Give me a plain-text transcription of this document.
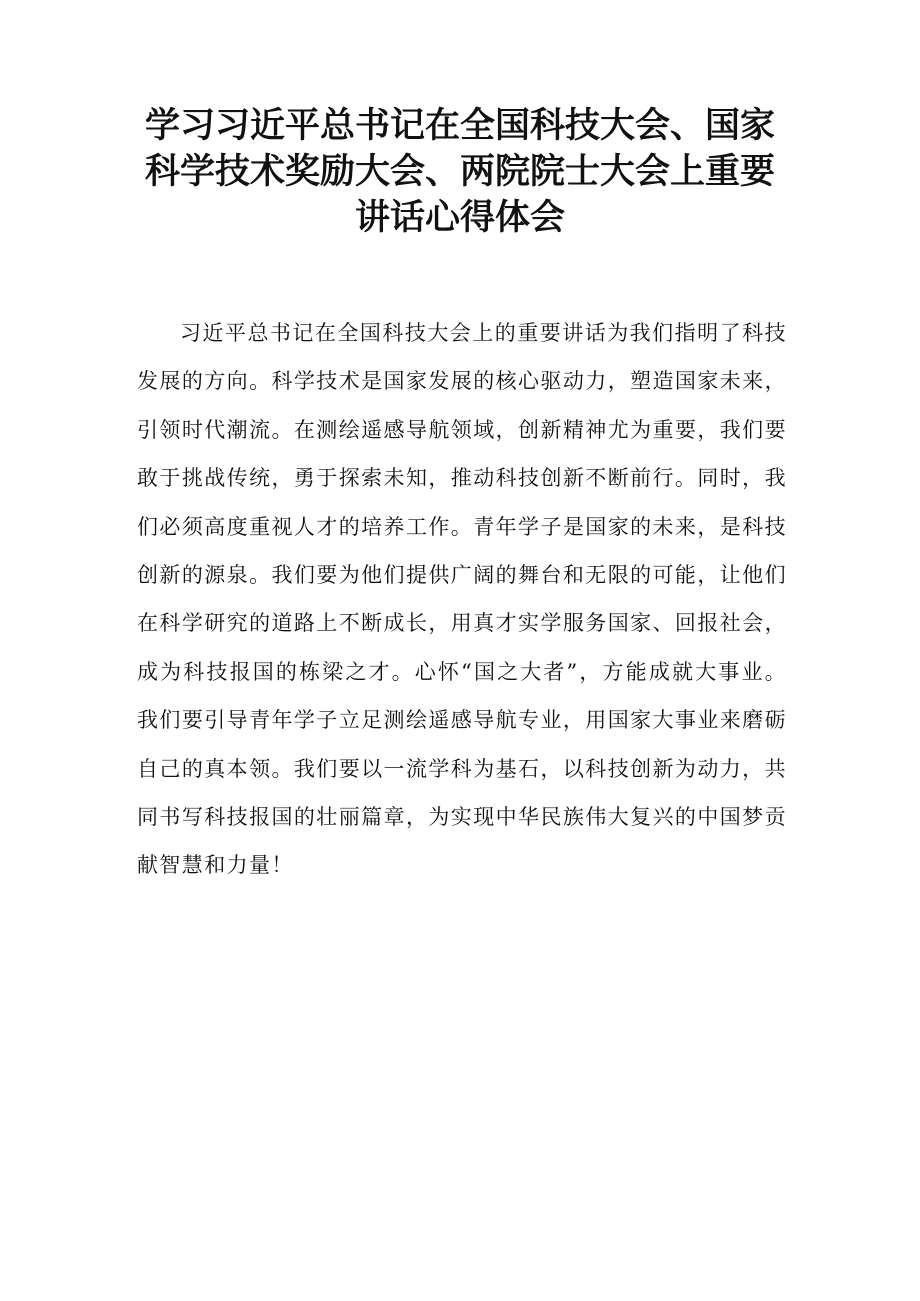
学习习近平总书记在全国科技大会、国家
科学技术奖励大会、两院院士大会上重要
讲话心得体会

习近平总书记在全国科技大会上的重要讲话为我们指明了科技发展的方向。科学技术是国家发展的核心驱动力，塑造国家未来，引领时代潮流。在测绘遥感导航领域，创新精神尤为重要，我们要敢于挑战传统，勇于探索未知，推动科技创新不断前行。同时，我们必须高度重视人才的培养工作。青年学子是国家的未来，是科技创新的源泉。我们要为他们提供广阔的舞台和无限的可能，让他们在科学研究的道路上不断成长，用真才实学服务国家、回报社会，成为科技报国的栋梁之才。心怀“国之大者”，方能成就大事业。我们要引导青年学子立足测绘遥感导航专业，用国家大事业来磨砺自己的真本领。我们要以一流学科为基石，以科技创新为动力，共同书写科技报国的壮丽篇章，为实现中华民族伟大复兴的中国梦贡献智慧和力量！
